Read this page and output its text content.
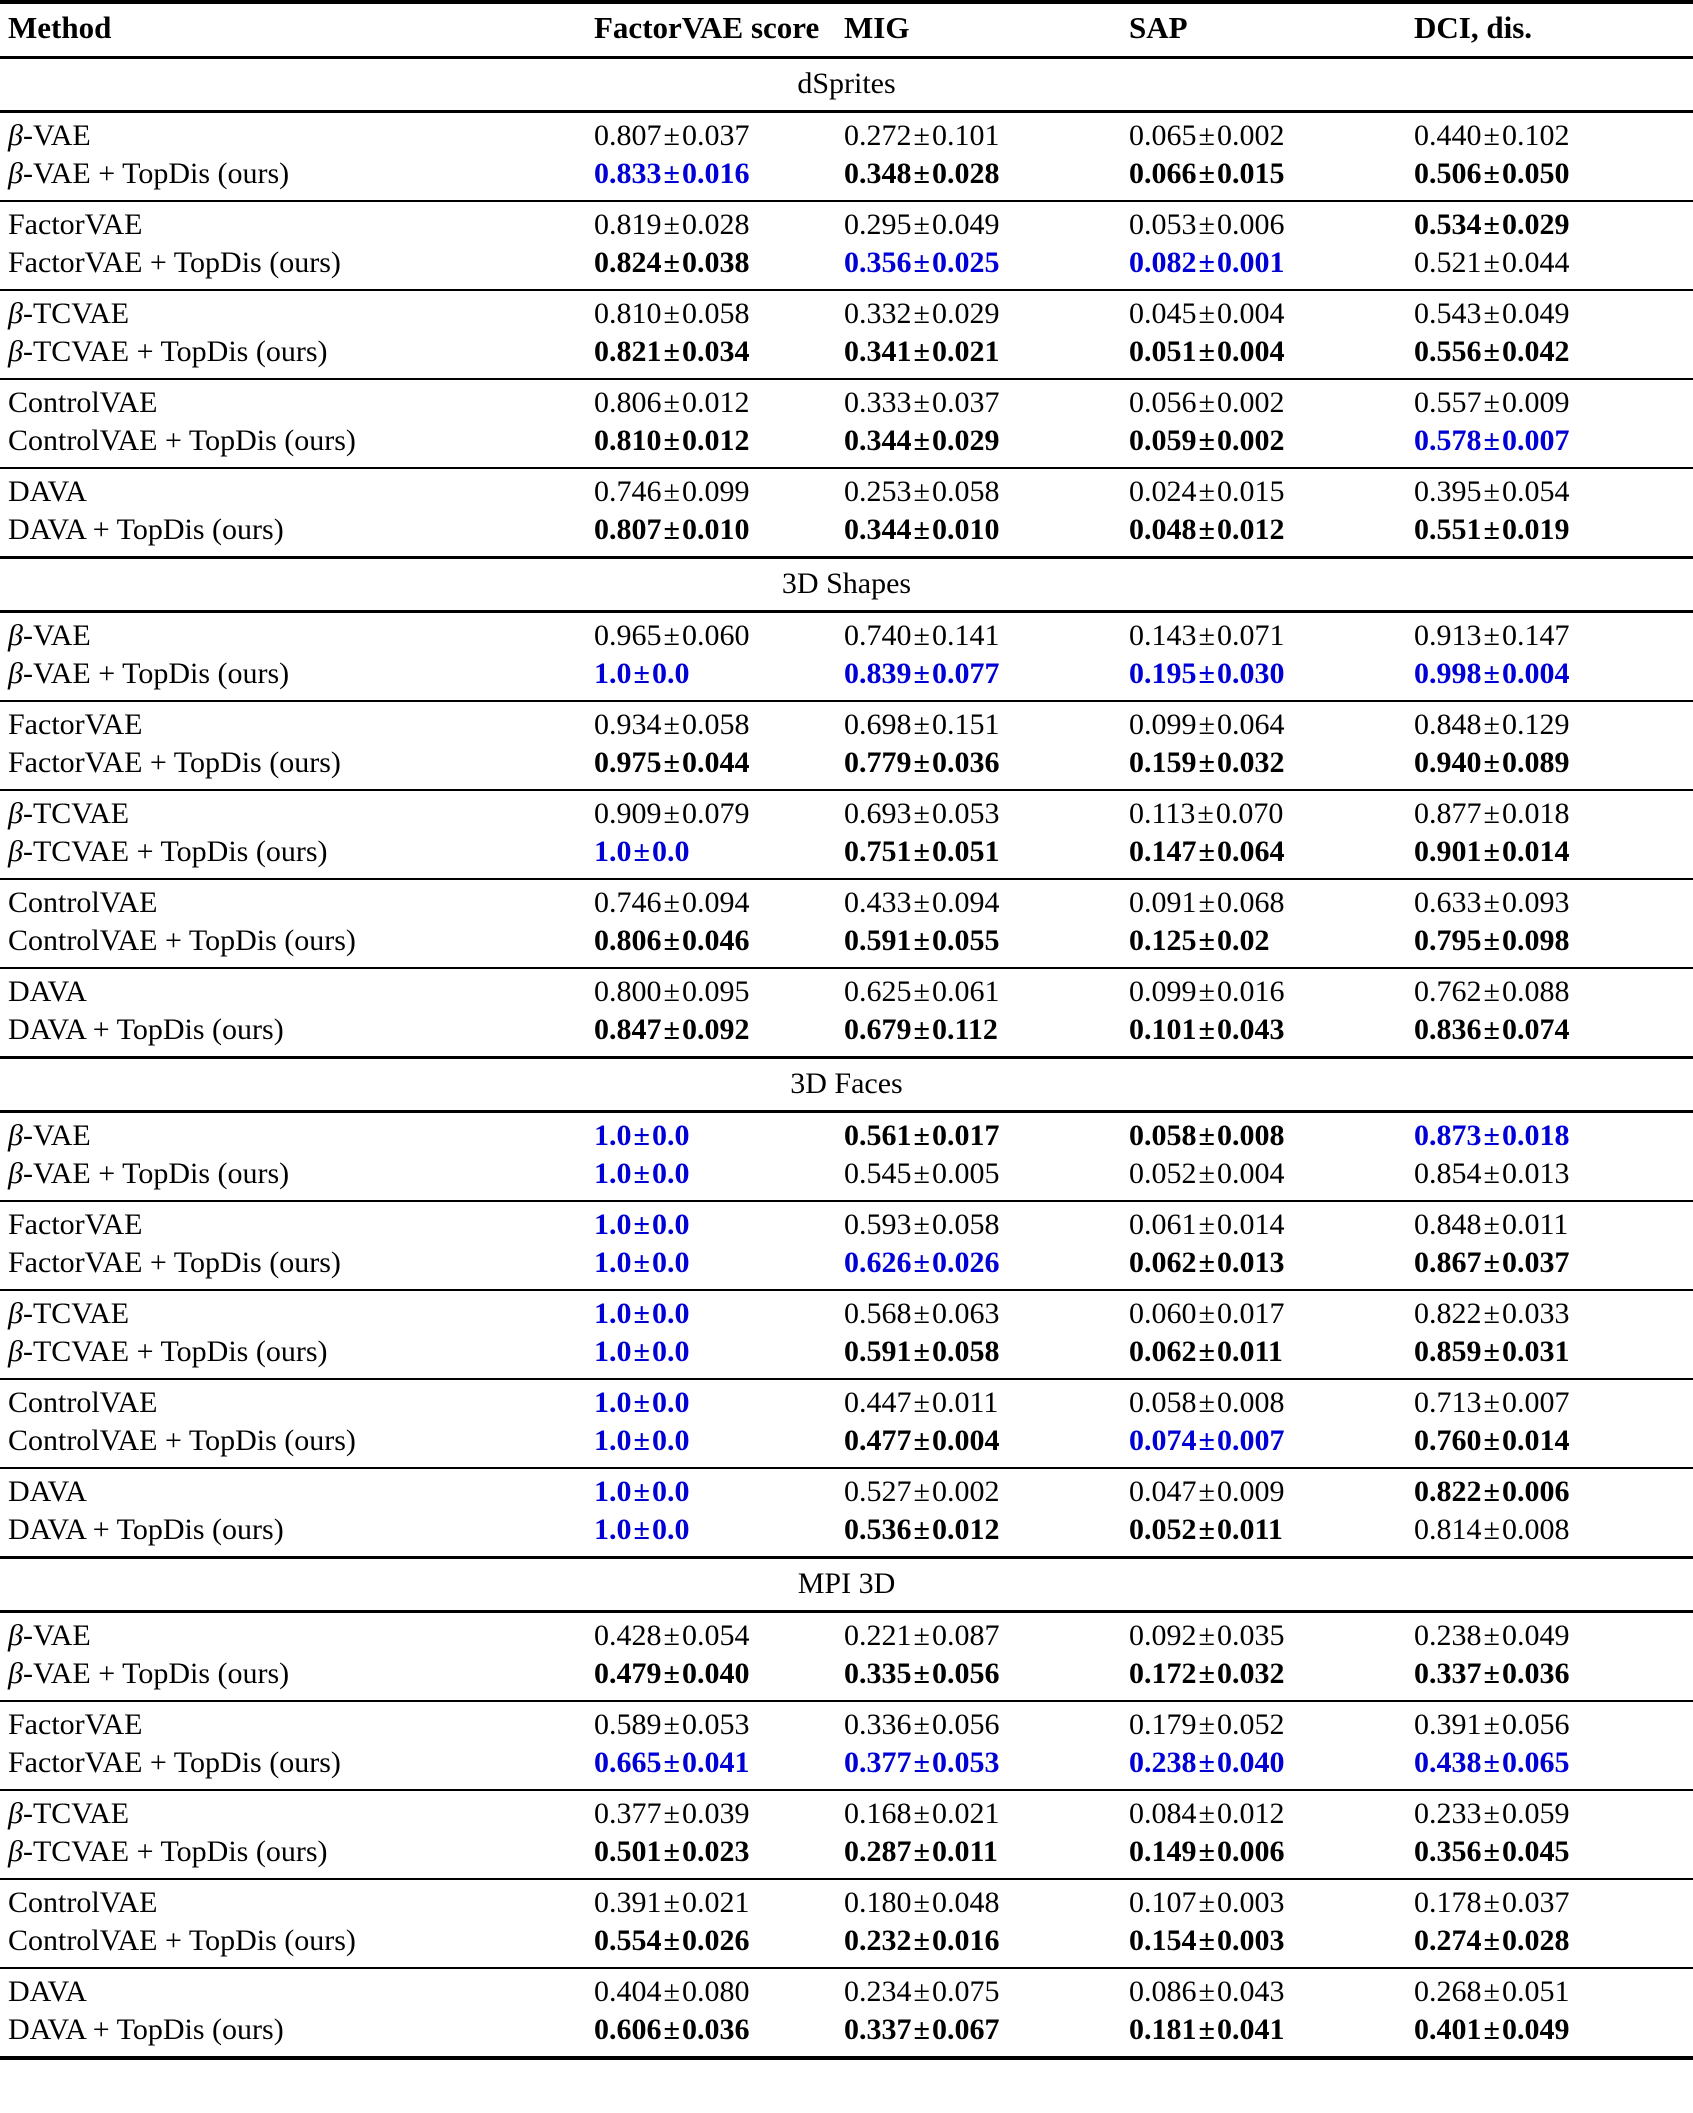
Method	FactorVAE score	MIG	SAP	DCI, dis.

dSprites				

β-VAE	0.807±0.037	0.272±0.101	0.065±0.002	0.440±0.102

β-VAE + TopDis (ours)	0.833±0.016	0.348±0.028	0.066±0.015	0.506±0.050

FactorVAE	0.819±0.028	0.295±0.049	0.053±0.006	0.534±0.029

FactorVAE + TopDis (ours)	0.824±0.038	0.356±0.025	0.082±0.001	0.521±0.044

β-TCVAE	0.810±0.058	0.332±0.029	0.045±0.004	0.543±0.049

β-TCVAE + TopDis (ours)	0.821±0.034	0.341±0.021	0.051±0.004	0.556±0.042

ControlVAE	0.806±0.012	0.333±0.037	0.056±0.002	0.557±0.009

ControlVAE + TopDis (ours)	0.810±0.012	0.344±0.029	0.059±0.002	0.578±0.007

DAVA	0.746±0.099	0.253±0.058	0.024±0.015	0.395±0.054

DAVA + TopDis (ours)	0.807±0.010	0.344±0.010	0.048±0.012	0.551±0.019

3D Shapes				

β-VAE	0.965±0.060	0.740±0.141	0.143±0.071	0.913±0.147

β-VAE + TopDis (ours)	1.0±0.0	0.839±0.077	0.195±0.030	0.998±0.004

FactorVAE	0.934±0.058	0.698±0.151	0.099±0.064	0.848±0.129

FactorVAE + TopDis (ours)	0.975±0.044	0.779±0.036	0.159±0.032	0.940±0.089

β-TCVAE	0.909±0.079	0.693±0.053	0.113±0.070	0.877±0.018

β-TCVAE + TopDis (ours)	1.0±0.0	0.751±0.051	0.147±0.064	0.901±0.014

ControlVAE	0.746±0.094	0.433±0.094	0.091±0.068	0.633±0.093

ControlVAE + TopDis (ours)	0.806±0.046	0.591±0.055	0.125±0.02	0.795±0.098

DAVA	0.800±0.095	0.625±0.061	0.099±0.016	0.762±0.088

DAVA + TopDis (ours)	0.847±0.092	0.679±0.112	0.101±0.043	0.836±0.074

3D Faces				

β-VAE	1.0±0.0	0.561±0.017	0.058±0.008	0.873±0.018

β-VAE + TopDis (ours)	1.0±0.0	0.545±0.005	0.052±0.004	0.854±0.013

FactorVAE	1.0±0.0	0.593±0.058	0.061±0.014	0.848±0.011

FactorVAE + TopDis (ours)	1.0±0.0	0.626±0.026	0.062±0.013	0.867±0.037

β-TCVAE	1.0±0.0	0.568±0.063	0.060±0.017	0.822±0.033

β-TCVAE + TopDis (ours)	1.0±0.0	0.591±0.058	0.062±0.011	0.859±0.031

ControlVAE	1.0±0.0	0.447±0.011	0.058±0.008	0.713±0.007

ControlVAE + TopDis (ours)	1.0±0.0	0.477±0.004	0.074±0.007	0.760±0.014

DAVA	1.0±0.0	0.527±0.002	0.047±0.009	0.822±0.006

DAVA + TopDis (ours)	1.0±0.0	0.536±0.012	0.052±0.011	0.814±0.008

MPI 3D				

β-VAE	0.428±0.054	0.221±0.087	0.092±0.035	0.238±0.049

β-VAE + TopDis (ours)	0.479±0.040	0.335±0.056	0.172±0.032	0.337±0.036

FactorVAE	0.589±0.053	0.336±0.056	0.179±0.052	0.391±0.056

FactorVAE + TopDis (ours)	0.665±0.041	0.377±0.053	0.238±0.040	0.438±0.065

β-TCVAE	0.377±0.039	0.168±0.021	0.084±0.012	0.233±0.059

β-TCVAE + TopDis (ours)	0.501±0.023	0.287±0.011	0.149±0.006	0.356±0.045

ControlVAE	0.391±0.021	0.180±0.048	0.107±0.003	0.178±0.037

ControlVAE + TopDis (ours)	0.554±0.026	0.232±0.016	0.154±0.003	0.274±0.028

DAVA	0.404±0.080	0.234±0.075	0.086±0.043	0.268±0.051

DAVA + TopDis (ours)	0.606±0.036	0.337±0.067	0.181±0.041	0.401±0.049
